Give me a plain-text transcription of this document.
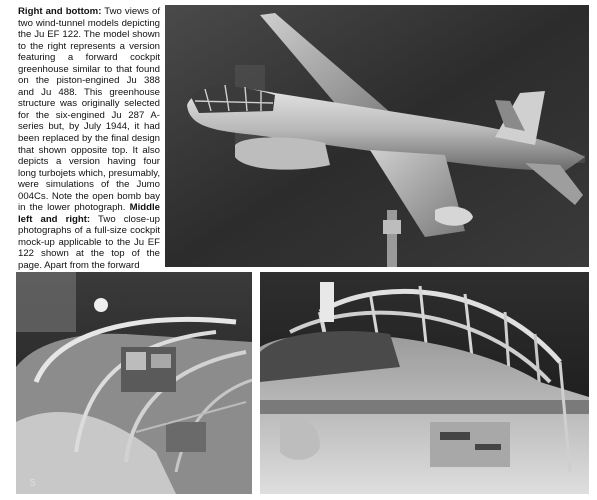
Right and bottom: Two views of two wind-tunnel models depicting the Ju EF 122. The model shown to the right represents a version featuring a forward cockpit greenhouse similar to that found on the piston-engined Ju 388 and Ju 488. This greenhouse structure was originally selected for the six-engined Ju 287 A-series but, by July 1944, it had been replaced by the final design that shown opposite top. It also depicts a version having four long turbojets which, presumably, were simulations of the Jumo 004Cs. Note the open bomb bay in the lower photograph. Middle left and right: Two close-up photographs of a full-size cockpit mock-up applicable to the Ju EF 122 shown at the top of the page. Apart from the forward
5
